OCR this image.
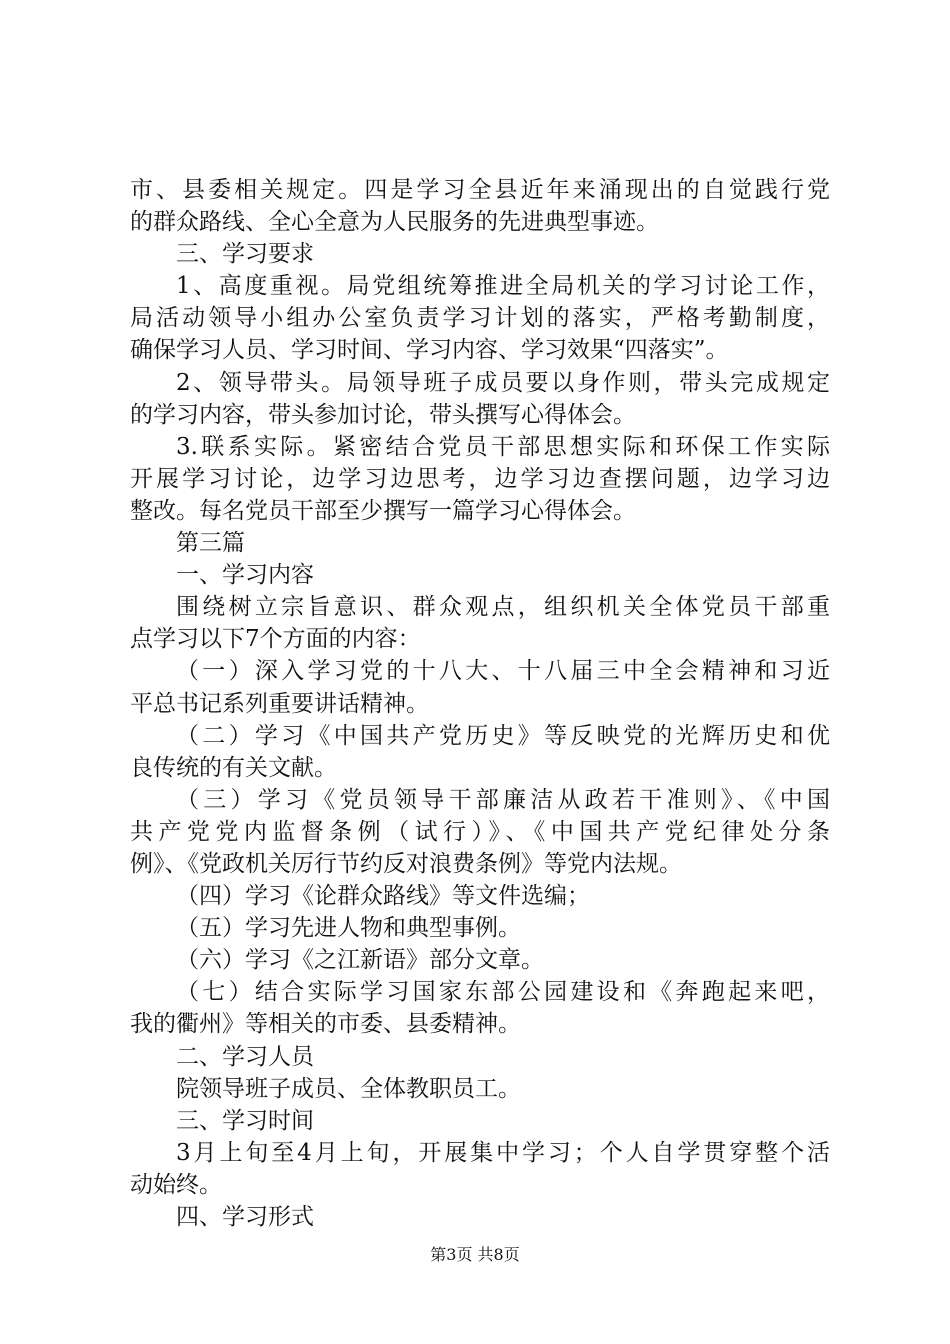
市、县委相关规定。四是学习全县近年来涌现出的自觉践行党
的群众路线、全心全意为人民服务的先进典型事迹。
三、学习要求
1、高度重视。局党组统筹推进全局机关的学习讨论工作，
局活动领导小组办公室负责学习计划的落实，严格考勤制度，
确保学习人员、学习时间、学习内容、学习效果“四落实”。
2、领导带头。局领导班子成员要以身作则，带头完成规定
的学习内容，带头参加讨论，带头撰写心得体会。
3.联系实际。紧密结合党员干部思想实际和环保工作实际
开展学习讨论，边学习边思考，边学习边查摆问题，边学习边
整改。每名党员干部至少撰写一篇学习心得体会。
第三篇
一、学习内容
围绕树立宗旨意识、群众观点，组织机关全体党员干部重
点学习以下7个方面的内容：
（一）深入学习党的十八大、十八届三中全会精神和习近
平总书记系列重要讲话精神。
（二）学习《中国共产党历史》等反映党的光辉历史和优
良传统的有关文献。
（三）学习《党员领导干部廉洁从政若干准则》、《中国
共产党党内监督条例（试行）》、《中国共产党纪律处分条
例》、《党政机关厉行节约反对浪费条例》等党内法规。
（四）学习《论群众路线》等文件选编；
（五）学习先进人物和典型事例。
（六）学习《之江新语》部分文章。
（七）结合实际学习国家东部公园建设和《奔跑起来吧，
我的衢州》等相关的市委、县委精神。
二、学习人员
院领导班子成员、全体教职员工。
三、学习时间
3月上旬至4月上旬，开展集中学习；个人自学贯穿整个活
动始终。
四、学习形式
第3页 共8页
